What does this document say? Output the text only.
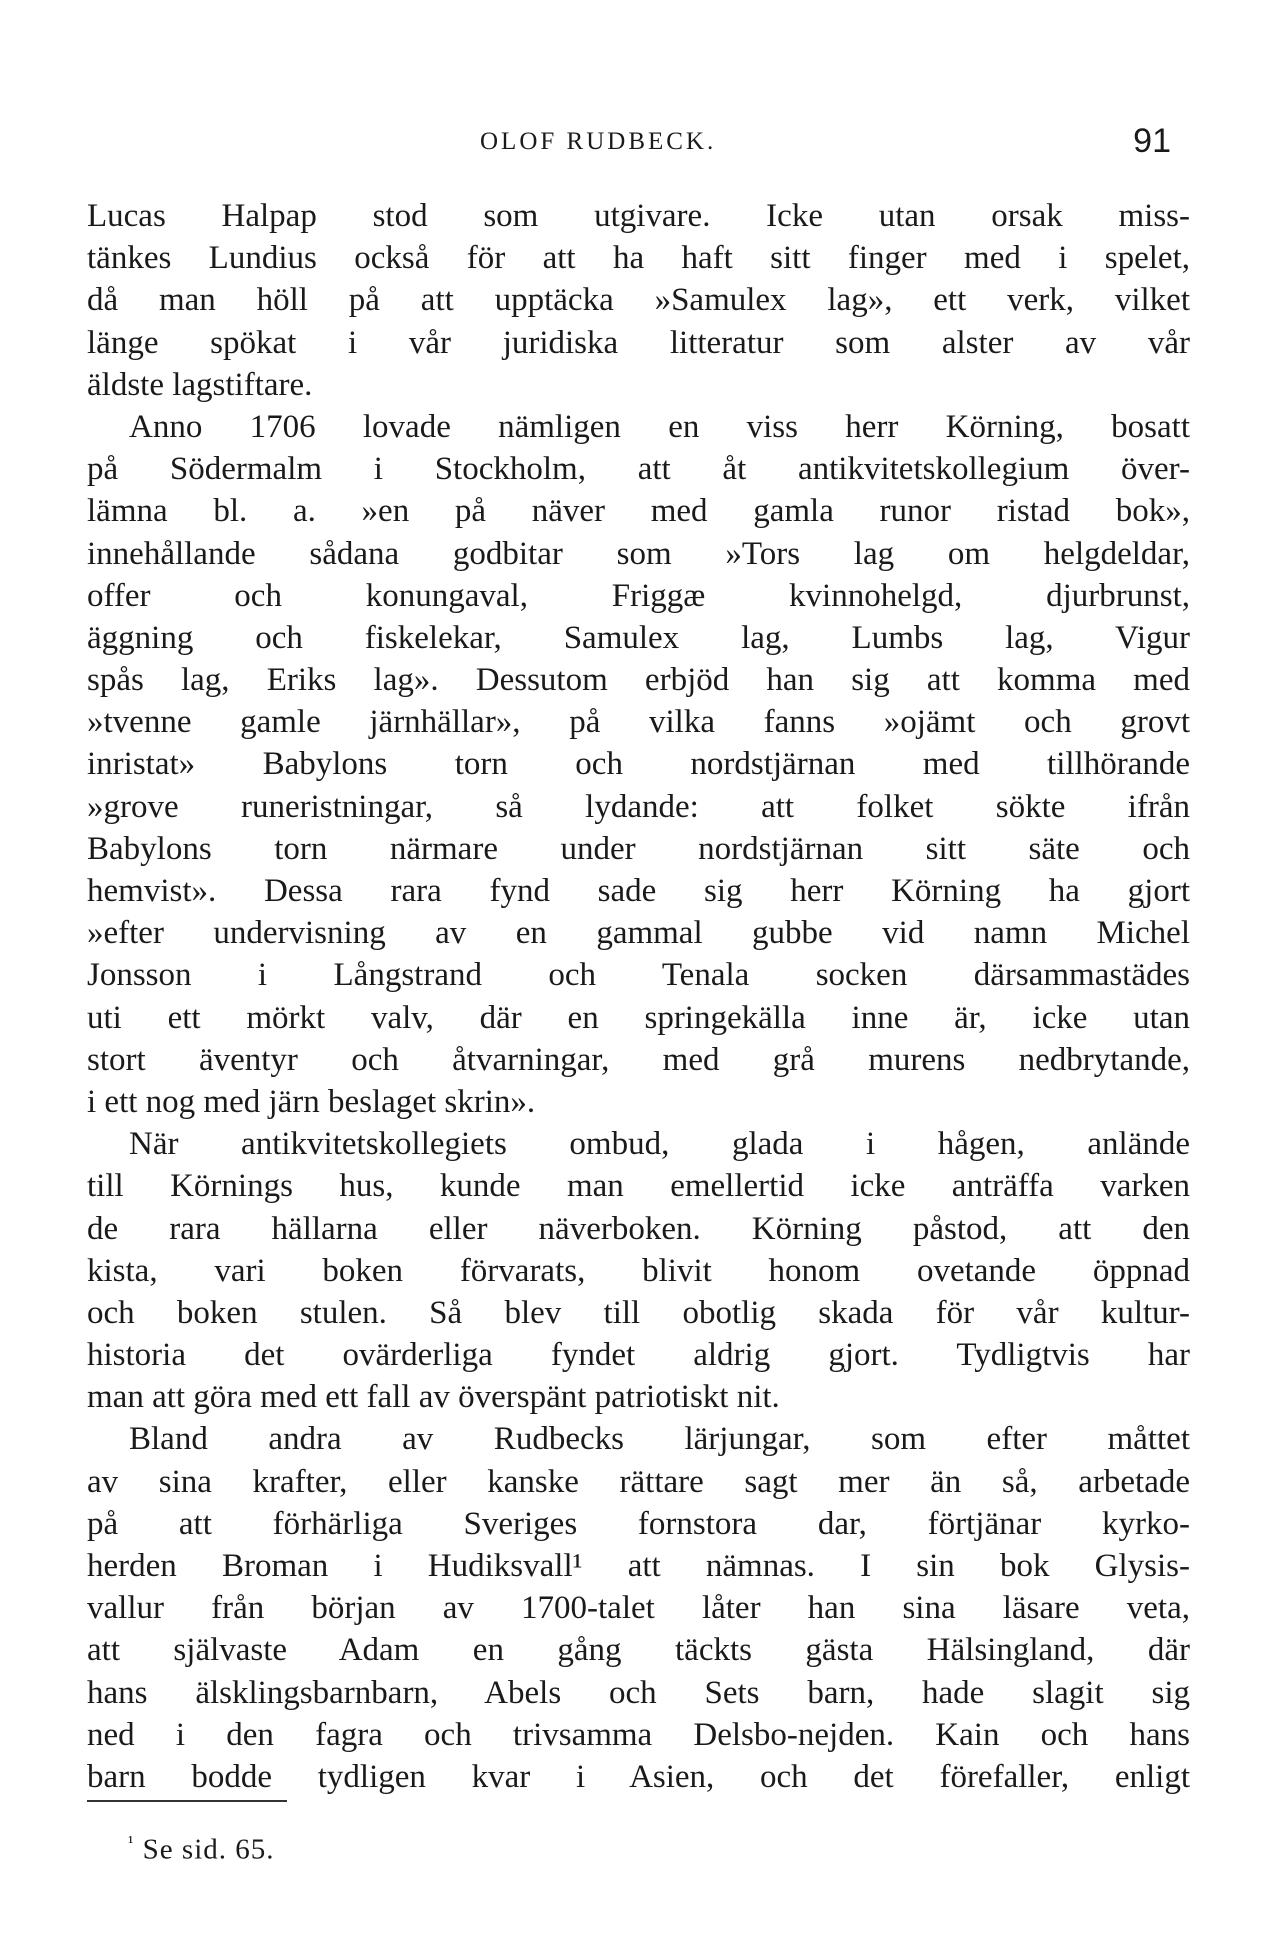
OLOF RUDBECK.	91
Lucas Halpap stod som utgivare. Icke utan orsak miss-
tänkes Lundius också för att ha haft sitt finger med i spelet,
då man höll på att upptäcka »Samulex lag», ett verk, vilket
länge spökat i vår juridiska litteratur som alster av vår
äldste lagstiftare.
Anno 1706 lovade nämligen en viss herr Körning, bosatt
på Södermalm i Stockholm, att åt antikvitetskollegium över-
lämna bl. a. »en på näver med gamla runor ristad bok»,
innehållande sådana godbitar som »Tors lag om helgdeldar,
offer och konungaval, Friggæ kvinnohelgd, djurbrunst,
äggning och fiskelekar, Samulex lag, Lumbs lag, Vigur
spås lag, Eriks lag». Dessutom erbjöd han sig att komma med
»tvenne gamle järnhällar», på vilka fanns »ojämt och grovt
inristat» Babylons torn och nordstjärnan med tillhörande
»grove runeristningar, så lydande: att folket sökte ifrån
Babylons torn närmare under nordstjärnan sitt säte och
hemvist». Dessa rara fynd sade sig herr Körning ha gjort
»efter undervisning av en gammal gubbe vid namn Michel
Jonsson i Långstrand och Tenala socken därsammastädes
uti ett mörkt valv, där en springekälla inne är, icke utan
stort äventyr och åtvarningar, med grå murens nedbrytande,
i ett nog med järn beslaget skrin».
När antikvitetskollegiets ombud, glada i hågen, anlände
till Körnings hus, kunde man emellertid icke anträffa varken
de rara hällarna eller näverboken. Körning påstod, att den
kista, vari boken förvarats, blivit honom ovetande öppnad
och boken stulen. Så blev till obotlig skada för vår kultur-
historia det ovärderliga fyndet aldrig gjort. Tydligtvis har
man att göra med ett fall av överspänt patriotiskt nit.
Bland andra av Rudbecks lärjungar, som efter måttet
av sina krafter, eller kanske rättare sagt mer än så, arbetade
på att förhärliga Sveriges fornstora dar, förtjänar kyrko-
herden Broman i Hudiksvall¹ att nämnas. I sin bok Glysis-
vallur från början av 1700-talet låter han sina läsare veta,
att självaste Adam en gång täckts gästa Hälsingland, där
hans älsklingsbarnbarn, Abels och Sets barn, hade slagit sig
ned i den fagra och trivsamma Delsbo-nejden. Kain och hans
barn bodde tydligen kvar i Asien, och det förefaller, enligt
$^{^1}$ Se sid. 65.
